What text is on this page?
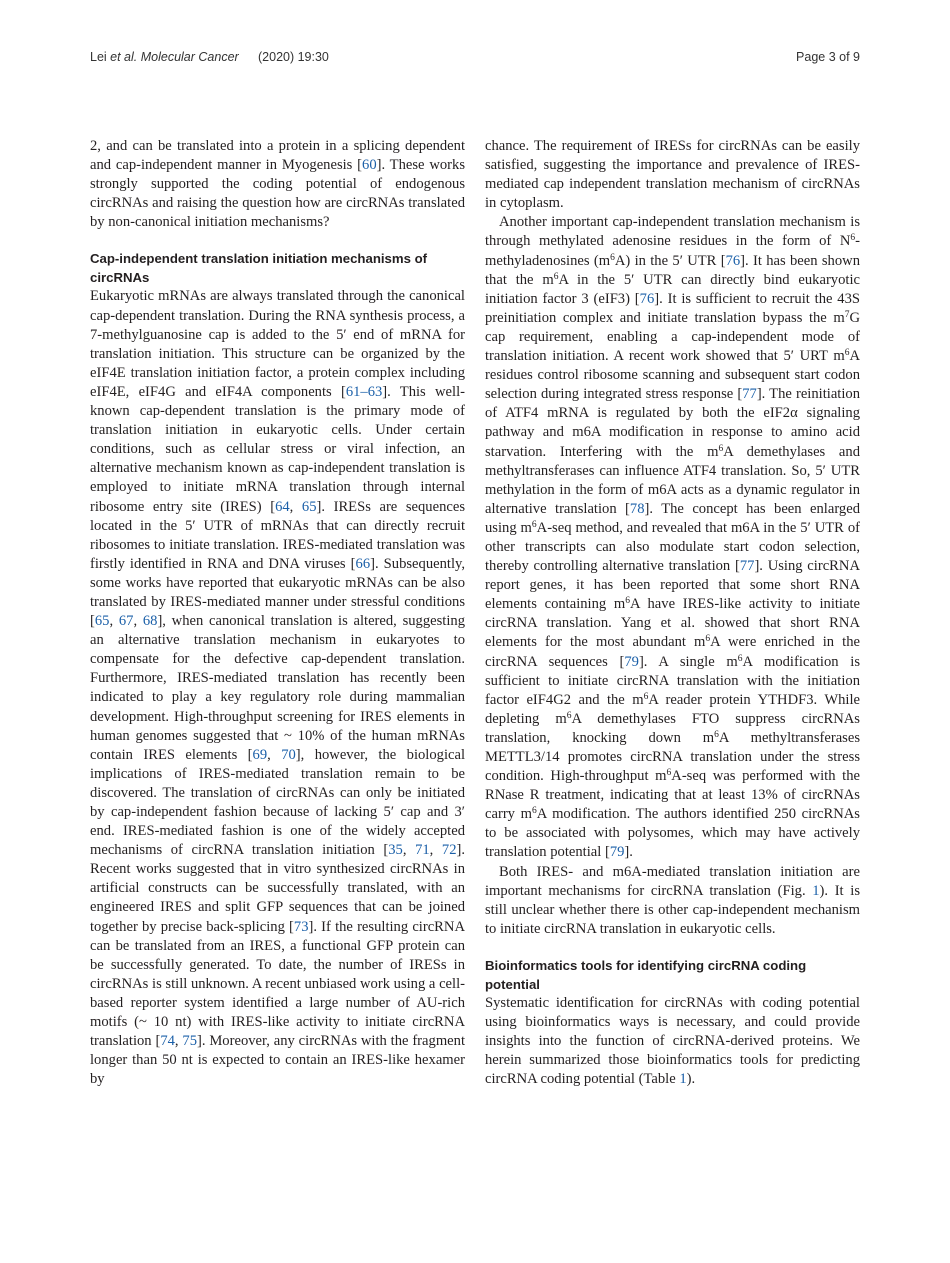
Lei et al. Molecular Cancer (2020) 19:30	Page 3 of 9

2, and can be translated into a protein in a splicing dependent and cap-independent manner in Myogenesis [60]. These works strongly supported the coding potential of endogenous circRNAs and raising the question how are circRNAs translated by non-canonical initiation mechanisms?

Cap-independent translation initiation mechanisms of circRNAs

Eukaryotic mRNAs are always translated through the canonical cap-dependent translation. During the RNA synthesis process, a 7-methylguanosine cap is added to the 5′ end of mRNA for translation initiation. This structure can be organized by the eIF4E translation initiation factor, a protein complex including eIF4E, eIF4G and eIF4A components [61–63]. This well-known cap-dependent translation is the primary mode of translation initiation in eukaryotic cells. Under certain conditions, such as cellular stress or viral infection, an alternative mechanism known as cap-independent translation is employed to initiate mRNA translation through internal ribosome entry site (IRES) [64, 65]. IRESs are sequences located in the 5′ UTR of mRNAs that can directly recruit ribosomes to initiate translation. IRES-mediated translation was firstly identified in RNA and DNA viruses [66]. Subsequently, some works have reported that eukaryotic mRNAs can be also translated by IRES-mediated manner under stressful conditions [65, 67, 68], when canonical translation is altered, suggesting an alternative translation mechanism in eukaryotes to compensate for the defective cap-dependent translation. Furthermore, IRES-mediated translation has recently been indicated to play a key regulatory role during mammalian development. High-throughput screening for IRES elements in human genomes suggested that ~ 10% of the human mRNAs contain IRES elements [69, 70], however, the biological implications of IRES-mediated translation remain to be discovered. The translation of circRNAs can only be initiated by cap-independent fashion because of lacking 5′ cap and 3′ end. IRES-mediated fashion is one of the widely accepted mechanisms of circRNA translation initiation [35, 71, 72]. Recent works suggested that in vitro synthesized circRNAs in artificial constructs can be successfully translated, with an engineered IRES and split GFP sequences that can be joined together by precise back-splicing [73]. If the resulting circRNA can be translated from an IRES, a functional GFP protein can be successfully generated. To date, the number of IRESs in circRNAs is still unknown. A recent unbiased work using a cell-based reporter system identified a large number of AU-rich motifs (~ 10 nt) with IRES-like activity to initiate circRNA translation [74, 75]. Moreover, any circRNAs with the fragment longer than 50 nt is expected to contain an IRES-like hexamer by

chance. The requirement of IRESs for circRNAs can be easily satisfied, suggesting the importance and prevalence of IRES-mediated cap independent translation mechanism of circRNAs in cytoplasm.

Another important cap-independent translation mechanism is through methylated adenosine residues in the form of $N^6$-methyladenosines $(m^6A)$ in the 5′ UTR [76]. It has been shown that the $m^6A$ in the 5′ UTR can directly bind eukaryotic initiation factor 3 (eIF3) [76]. It is sufficient to recruit the 43S preinitiation complex and initiate translation bypass the $m^7G$ cap requirement, enabling a cap-independent mode of translation initiation. A recent work showed that 5′ URT $m^6A$ residues control ribosome scanning and subsequent start codon selection during integrated stress response [77]. The reinitiation of ATF4 mRNA is regulated by both the eIF2α signaling pathway and m6A modification in response to amino acid starvation. Interfering with the $m^6A$ demethylases and methyltransferases can influence ATF4 translation. So, 5′ UTR methylation in the form of m6A acts as a dynamic regulator in alternative translation [78]. The concept has been enlarged using $m^6A$-seq method, and revealed that m6A in the 5′ UTR of other transcripts can also modulate start codon selection, thereby controlling alternative translation [77]. Using circRNA report genes, it has been reported that some short RNA elements containing $m^6A$ have IRES-like activity to initiate circRNA translation. Yang et al. showed that short RNA elements for the most abundant $m^6A$ were enriched in the circRNA sequences [79]. A single $m^6A$ modification is sufficient to initiate circRNA translation with the initiation factor eIF4G2 and the $m^6A$ reader protein YTHDF3. While depleting $m^6A$ demethylases FTO suppress circRNAs translation, knocking down $m^6A$ methyltransferases METTL3/14 promotes circRNA translation under the stress condition. High-throughput $m^6A$-seq was performed with the RNase R treatment, indicating that at least 13% of circRNAs carry $m^6A$ modification. The authors identified 250 circRNAs to be associated with polysomes, which may have actively translation potential [79].

Both IRES- and m6A-mediated translation initiation are important mechanisms for circRNA translation (Fig. 1). It is still unclear whether there is other cap-independent mechanism to initiate circRNA translation in eukaryotic cells.

Bioinformatics tools for identifying circRNA coding potential

Systematic identification for circRNAs with coding potential using bioinformatics ways is necessary, and could provide insights into the function of circRNA-derived proteins. We herein summarized those bioinformatics tools for predicting circRNA coding potential (Table 1).
